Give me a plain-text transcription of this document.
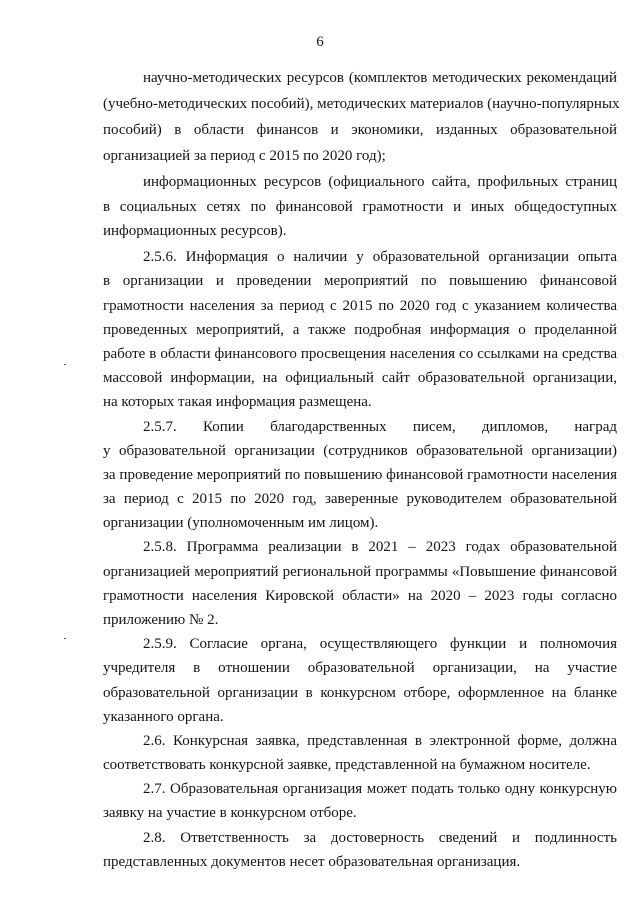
6
научно-методических ресурсов (комплектов методических рекомендаций
(учебно-методических пособий), методических материалов (научно-популярных
пособий) в области финансов и экономики, изданных образовательной
организацией за период с 2015 по 2020 год);
информационных ресурсов (официального сайта, профильных страниц
в социальных сетях по финансовой грамотности и иных общедоступных
информационных ресурсов).
2.5.6. Информация о наличии у образовательной организации опыта
в организации и проведении мероприятий по повышению финансовой
грамотности населения за период с 2015 по 2020 год с указанием количества
проведенных мероприятий, а также подробная информация о проделанной
работе в области финансового просвещения населения со ссылками на средства
массовой информации, на официальный сайт образовательной организации,
на которых такая информация размещена.
2.5.7. Копии благодарственных писем, дипломов, наград
у образовательной организации (сотрудников образовательной организации)
за проведение мероприятий по повышению финансовой грамотности населения
за период с 2015 по 2020 год, заверенные руководителем образовательной
организации (уполномоченным им лицом).
2.5.8. Программа реализации в 2021 – 2023 годах образовательной
организацией мероприятий региональной программы «Повышение финансовой
грамотности населения Кировской области» на 2020 – 2023 годы согласно
приложению № 2.
2.5.9. Согласие органа, осуществляющего функции и полномочия
учредителя в отношении образовательной организации, на участие
образовательной организации в конкурсном отборе, оформленное на бланке
указанного органа.
2.6. Конкурсная заявка, представленная в электронной форме, должна
соответствовать конкурсной заявке, представленной на бумажном носителе.
2.7. Образовательная организация может подать только одну конкурсную
заявку на участие в конкурсном отборе.
2.8. Ответственность за достоверность сведений и подлинность
представленных документов несет образовательная организация.
